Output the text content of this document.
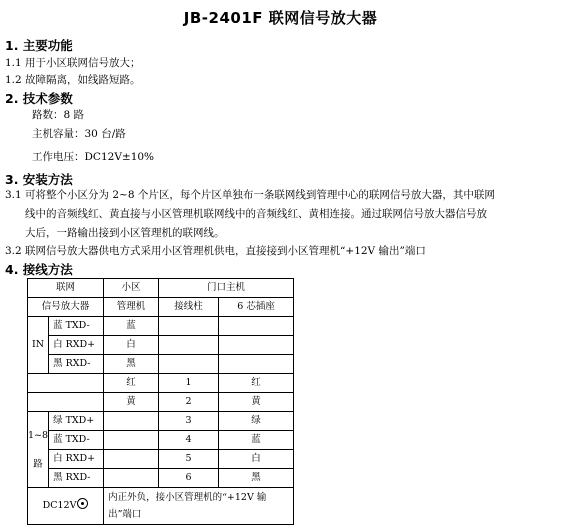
JB-2401F 联网信号放大器
1. 主要功能
1.1 用于小区联网信号放大；
1.2 故障隔离，如线路短路。
2. 技术参数
路数：8 路
主机容量：30 台/路
工作电压：DC12V±10%
3. 安装方法
3.1 可将整个小区分为 2~8 个片区，每个片区单独布一条联网线到管理中心的联网信号放大器，其中联网
线中的音频线红、黄直接与小区管理机联网线中的音频线红、黄相连接。通过联网信号放大器信号放
大后，一路输出接到小区管理机的联网线。
3.2 联网信号放大器供电方式采用小区管理机供电，直接接到小区管理机“+12V 输出”端口
4. 接线方法
联网		小区	门口主机	
信号放大器		管理机	接线柱	6 芯插座
IN	蓝 TXD-	蓝		
	白 RXD+	白		
	黑 RXD-	黑		
		红	1	红
		黄	2	黄

1~8
路	绿 TXD+		3	绿
	蓝 TXD-		4	蓝
	白 RXD+		5	白
	黑 RXD-		6	黑
DC12V		内正外负，接小区管理机的“+12V 输出”端口		
